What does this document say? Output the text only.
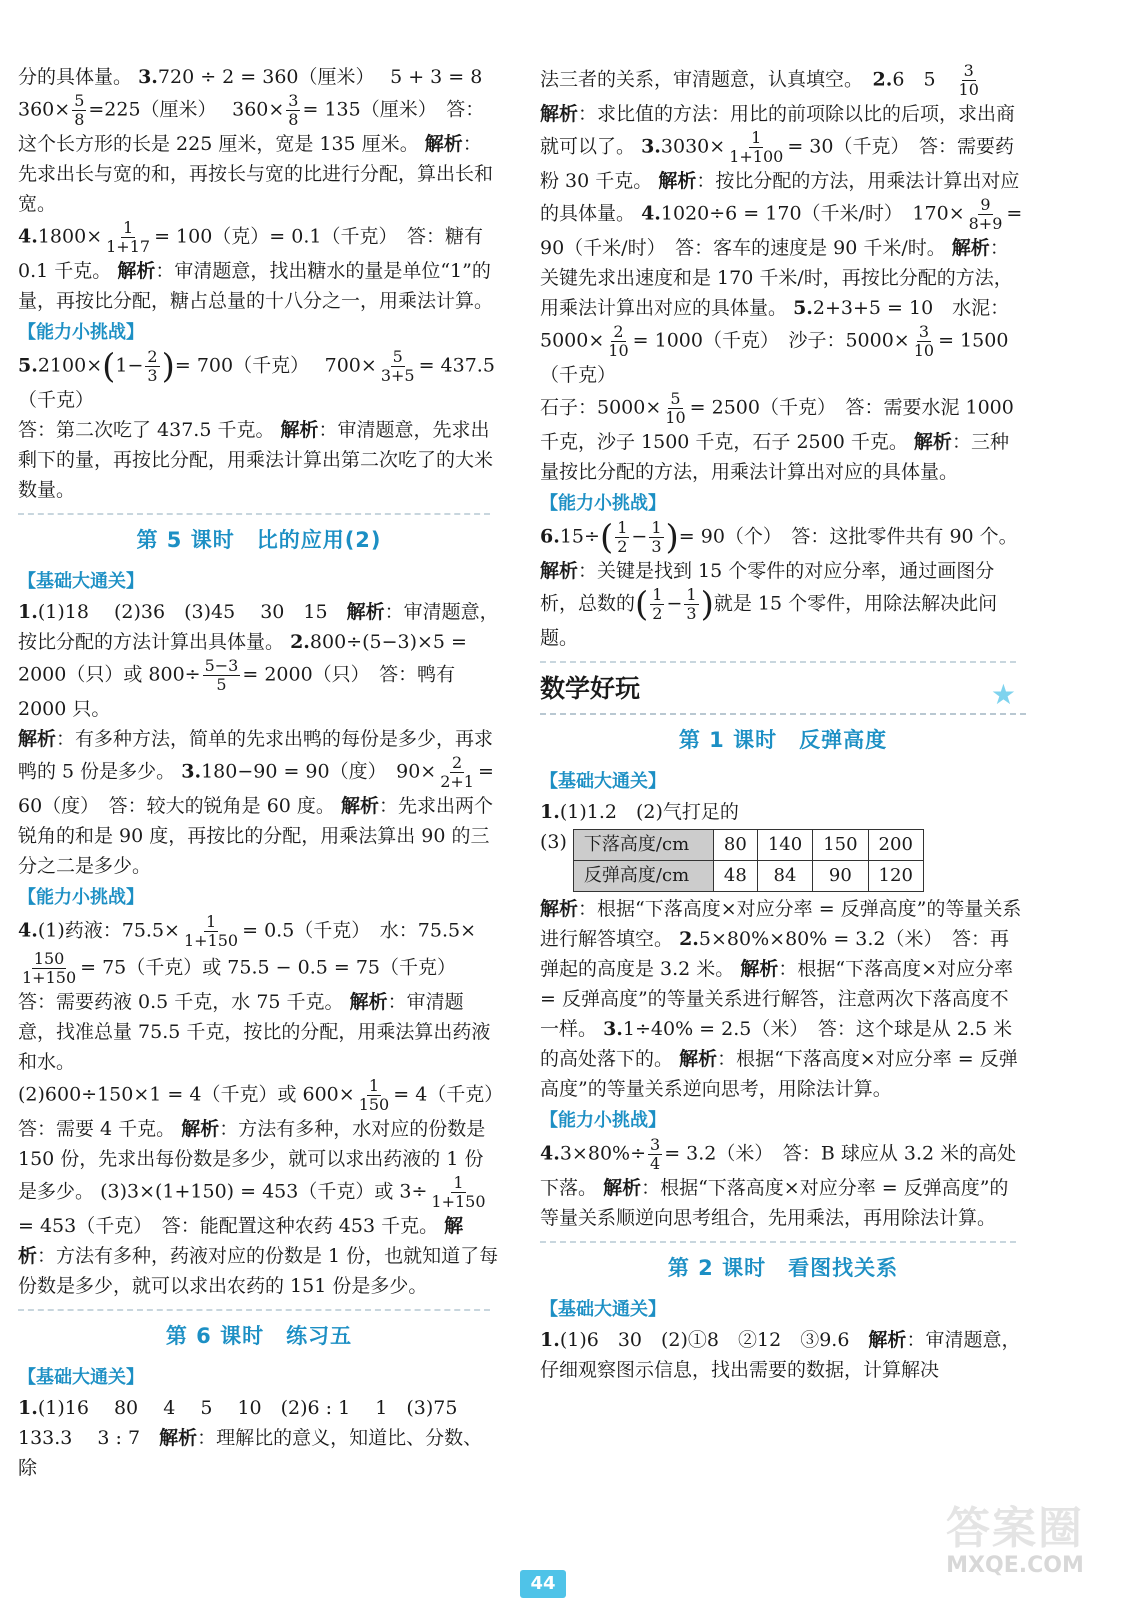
分的具体量。 3.720 ÷ 2 = 360（厘米）　 5 + 3 = 8
$360\times \frac{5}{8} =225$（厘米）　 $360\times \frac{3}{8} = 135$（厘米）　答：这个长方形的长是 225 厘米，宽是 135 厘米。 解析：先求出长与宽的和，再按长与宽的比进行分配，算出长和宽。
$4.1800\times \frac{1}{1+17} = 100$（克）= 0.1（千克）　答：糖有 0.1 千克。 解析：审清题意，找出糖水的量是单位“1”的量，再按比分配，糖占总量的十八分之一，用乘法计算。
【能力小挑战】
$5.2100\times(1- \frac{2}{3}$ )= 700（千克）　 $700\times \frac{5}{3+5} = 437.5$（千克）
答：第二次吃了 437.5 千克。 解析：审清题意，先求出剩下的量，再按比分配，用乘法计算出第二次吃了的大米数量。
第 5 课时 比的应用(2)
【基础大通关】
1.(1)18　 (2)36　(3)45　 30　15　解析：审清题意，按比分配的方法计算出具体量。 2.800÷(5−3)×5 = 2000（只）或 $800\div \frac{5-3}{5} = 2000$（只）　答：鸭有 2000 只。
解析：有多种方法，简单的先求出鸭的每份是多少，再求鸭的 5 份是多少。 3.180−90 = 90（度）　$90\times \frac{2}{2+1} = 60$（度）　答：较大的锐角是 60 度。 解析：先求出两个锐角的和是 90 度，再按比的分配，用乘法算出 90 的三分之二是多少。
【能力小挑战】
4.(1)药液：$75.5\times \frac{1}{1+150} = 0.5$（千克）　水：75.5×
$\frac{150}{1+150} = 75$（千克）或 75.5 − 0.5 = 75（千克）　答：需要药液 0.5 千克，水 75 千克。 解析：审清题意，找准总量 75.5 千克，按比的分配，用乘法算出药液和水。
(2)600÷150×1 = 4（千克）或 $600\times \frac{1}{150} = 4$（千克）　答：需要 4 千克。 解析：方法有多种，水对应的份数是 150 份，先求出每份数是多少，就可以求出药液的 1 份是多少。 (3)3×(1+150) = 453（千克）或 $3\div \frac{1}{1+150}$
= 453（千克）　答：能配置这种农药 453 千克。 解析：方法有多种，药液对应的份数是 1 份，也就知道了每份数是多少，就可以求出农药的 151 份是多少。
第 6 课时 练习五
【基础大通关】
1.(1)16　 80　 4　 5　 10　(2)6 : 1　 1　(3)75　 133.3　 3 : 7　解析：理解比的意义，知道比、分数、除
法三者的关系，审清题意，认真填空。　2.6　5　 $\frac{3}{10}$

解析：求比值的方法：用比的前项除以比的后项，求出商就可以了。 $3.3030\times \frac{1}{1+100} = 30$（千克）　答：需要药粉 30 千克。 解析：按比分配的方法，用乘法计算出对应的具体量。 4.1020÷6 = 170（千米/时）　$170\times \frac{9}{8+9} = 90$（千米/时）　答：客车的速度是 90 千米/时。 解析：关键先求出速度和是 170 千米/时，再按比分配的方法，用乘法计算出对应的具体量。 5.2+3+5 = 10　水泥：$5000\times \frac{2}{10} = 1000$（千克）　沙子：$5000\times \frac{3}{10} = 1500$（千克）
石子：$5000\times \frac{5}{10} = 2500$（千克）　答：需要水泥 1000 千克，沙子 1500 千克，石子 2500 千克。 解析：三种量按比分配的方法，用乘法计算出对应的具体量。
【能力小挑战】
$6.15\div( \frac{1}{2} - \frac{1}{3}$ )= 90（个）　答：这批零件共有 90 个。
解析：关键是找到 15 个零件的对应分率，通过画图分析，总数的( $\frac{1}{2} - \frac{1}{3}$ )就是 15 个零件，用除法解决此问题。
数学好玩	★
第 1 课时 反弹高度
【基础大通关】
1.(1)1.2　(2)气打足的
(3) 下落高度/cm	80	140	150	200
反弹高度/cm	48	84	90	120
解析：根据“下落高度×对应分率 = 反弹高度”的等量关系进行解答填空。 2.5×80%×80% = 3.2（米）　答：再弹起的高度是 3.2 米。 解析：根据“下落高度×对应分率 = 反弹高度”的等量关系进行解答，注意两次下落高度不一样。 3.1÷40% = 2.5（米）　答：这个球是从 2.5 米的高处落下的。 解析：根据“下落高度×对应分率 = 反弹高度”的等量关系逆向思考，用除法计算。
【能力小挑战】
$4.3\times 80\%\div \frac{3}{4} = 3.2$（米）　答：B 球应从 3.2 米的高处下落。 解析：根据“下落高度×对应分率 = 反弹高度”的等量关系顺逆向思考组合，先用乘法，再用除法计算。
第 2 课时 看图找关系
【基础大通关】
1.(1)6　30　(2)①8　②12　③9.6　解析：审清题意，仔细观察图示信息，找出需要的数据，计算解决
44
答案圈
MXQE.COM
